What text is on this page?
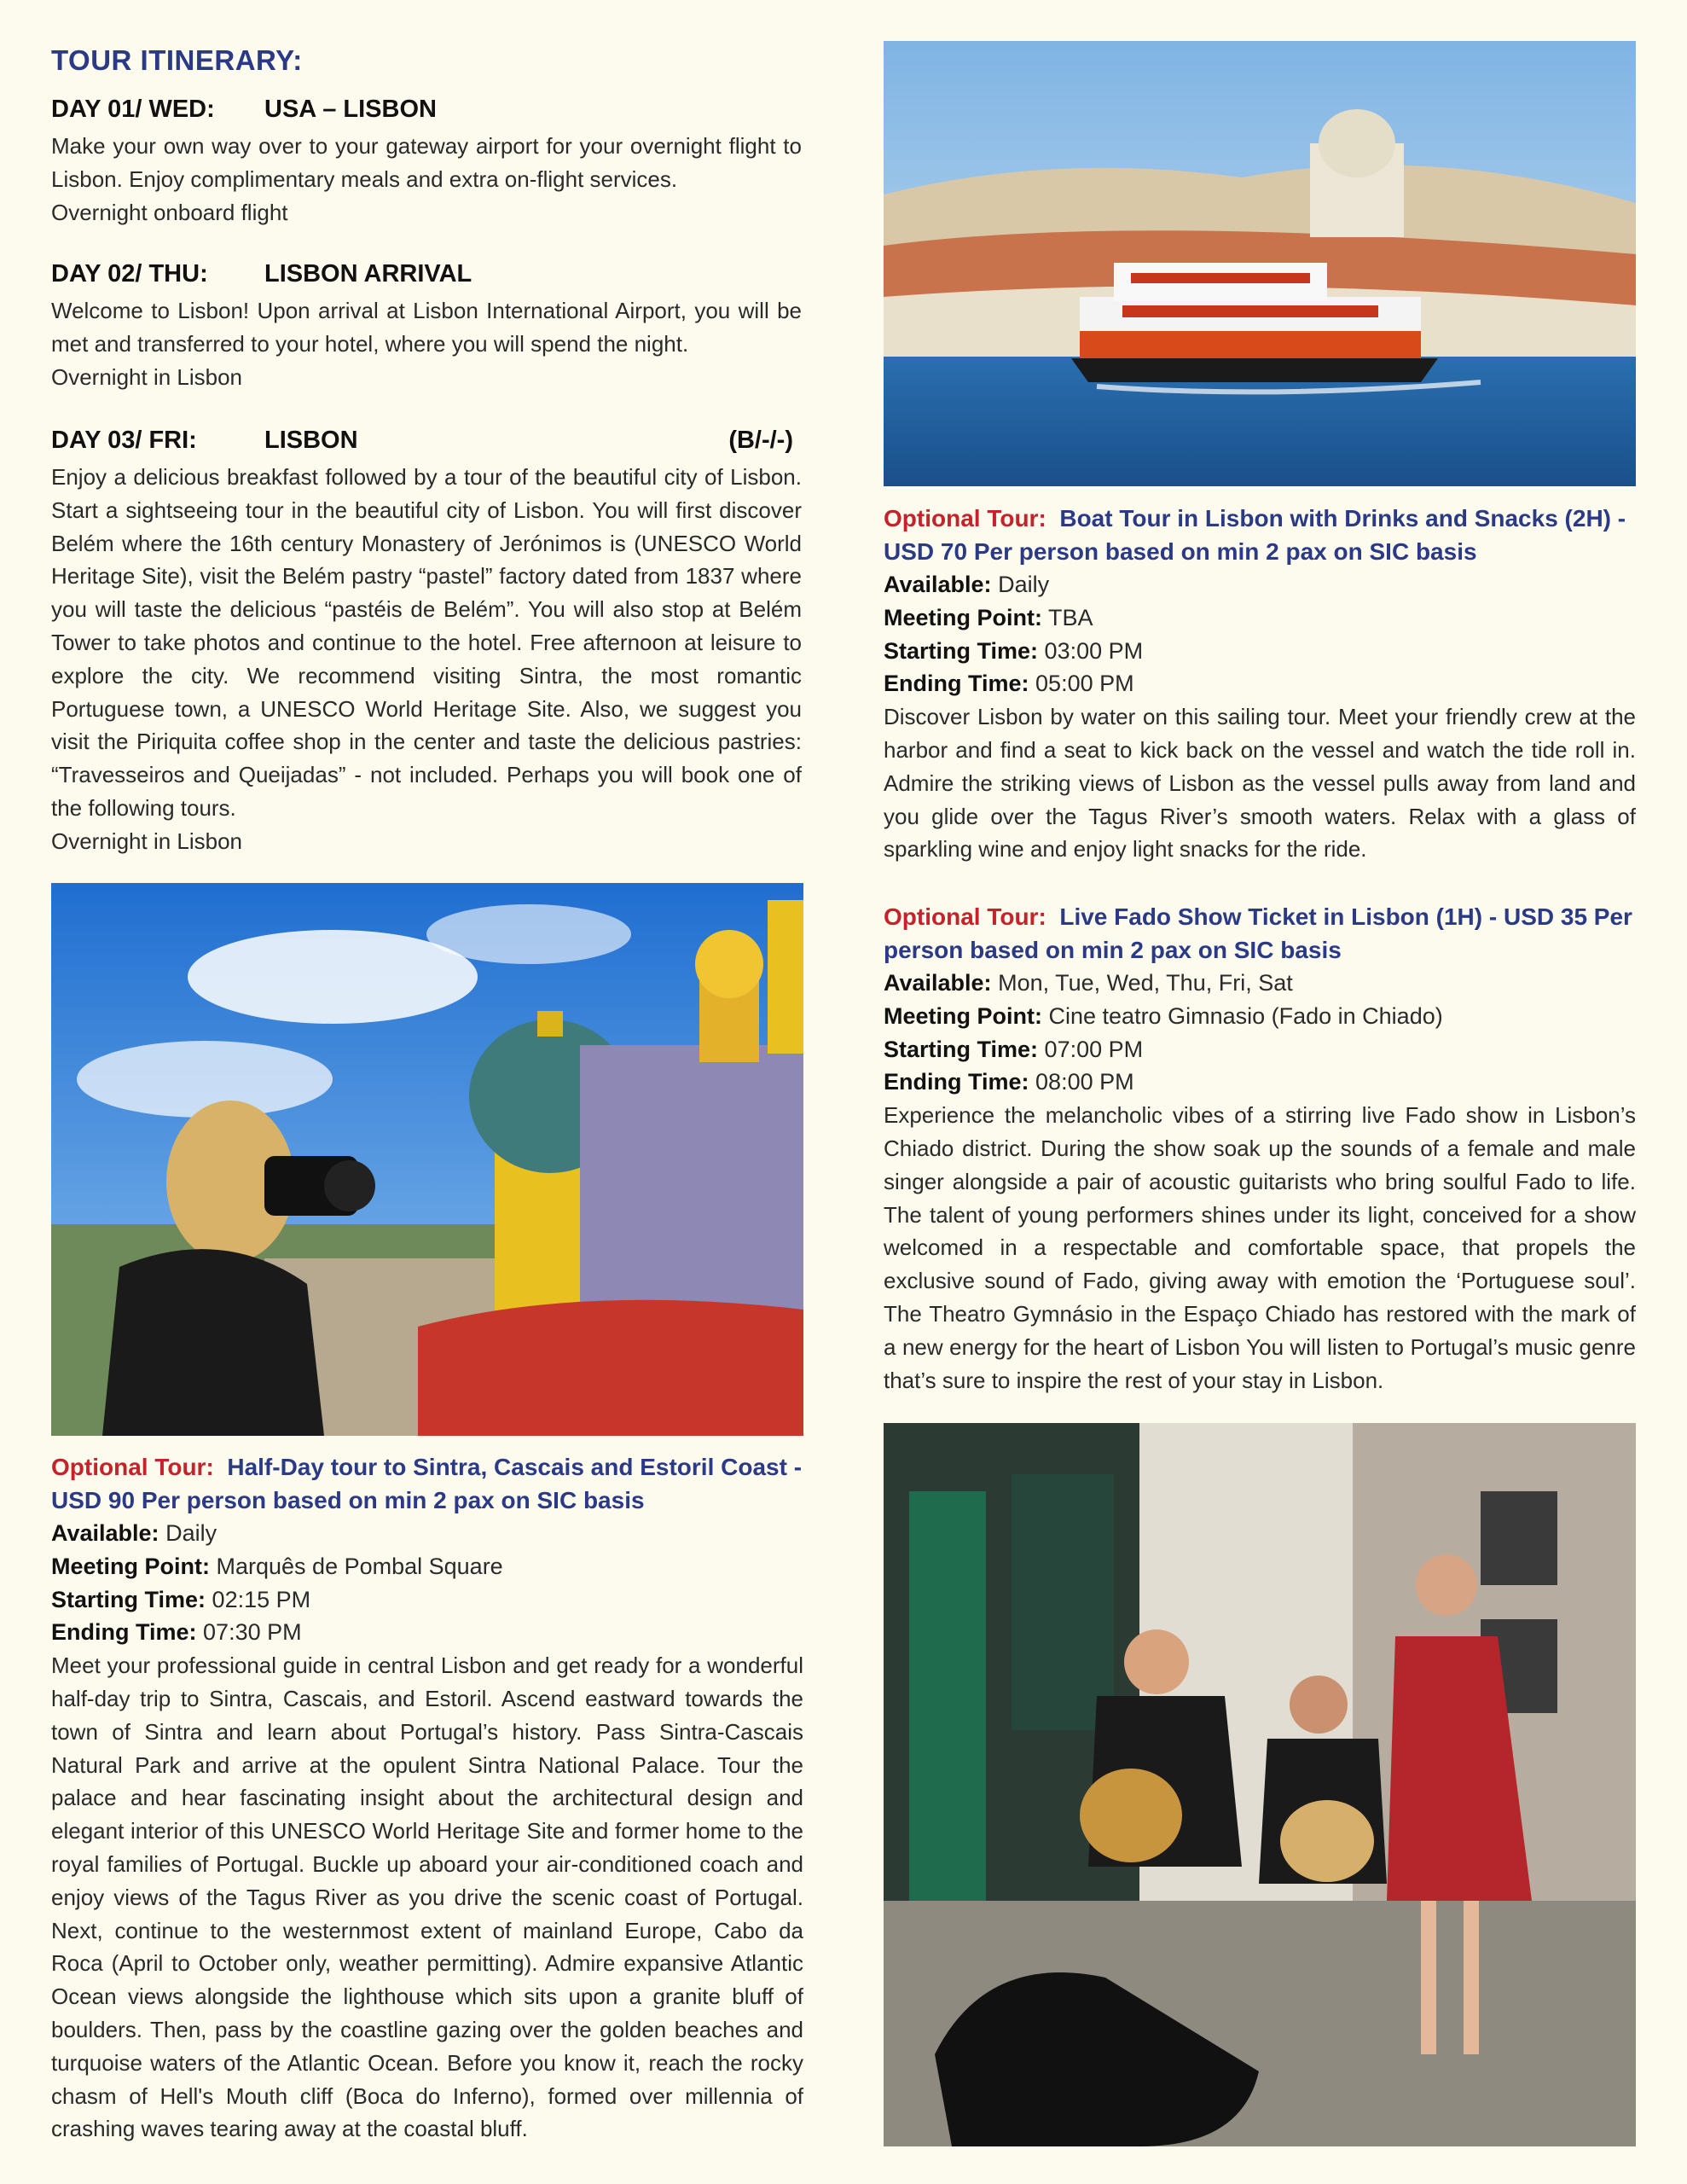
TOUR ITINERARY:
DAY 01/ WED: USA – LISBON

Make your own way over to your gateway airport for your overnight flight to Lisbon. Enjoy complimentary meals and extra on-flight services.

Overnight onboard flight
DAY 02/ THU: LISBON ARRIVAL

Welcome to Lisbon! Upon arrival at Lisbon International Airport, you will be met and transferred to your hotel, where you will spend the night.

Overnight in Lisbon
DAY 03/ FRI:	LISBON	(B/-/-)

Enjoy a delicious breakfast followed by a tour of the beautiful city of Lisbon. Start a sightseeing tour in the beautiful city of Lisbon. You will first discover Belém where the 16th century Monastery of Jerónimos is (UNESCO World Heritage Site), visit the Belém pastry “pastel” factory dated from 1837 where you will taste the delicious “pastéis de Belém”. You will also stop at Belém Tower to take photos and continue to the hotel. Free afternoon at leisure to explore the city. We recommend visiting Sintra, the most romantic Portuguese town, a UNESCO World Heritage Site. Also, we suggest you visit the Piriquita coffee shop in the center and taste the delicious pastries: “Travesseiros and Queijadas” - not included. Perhaps you will book one of the following tours.

Overnight in Lisbon
Optional Tour: Half-Day tour to Sintra, Cascais and Estoril Coast - USD 90 Per person based on min 2 pax on SIC basis
Available: Daily
Meeting Point: Marquês de Pombal Square
Starting Time: 02:15 PM
Ending Time: 07:30 PM

Meet your professional guide in central Lisbon and get ready for a wonderful half-day trip to Sintra, Cascais, and Estoril. Ascend eastward towards the town of Sintra and learn about Portugal’s history. Pass Sintra-Cascais Natural Park and arrive at the opulent Sintra National Palace. Tour the palace and hear fascinating insight about the architectural design and elegant interior of this UNESCO World Heritage Site and former home to the royal families of Portugal. Buckle up aboard your air-conditioned coach and enjoy views of the Tagus River as you drive the scenic coast of Portugal. Next, continue to the westernmost extent of mainland Europe, Cabo da Roca (April to October only, weather permitting). Admire expansive Atlantic Ocean views alongside the lighthouse which sits upon a granite bluff of boulders. Then, pass by the coastline gazing over the golden beaches and turquoise waters of the Atlantic Ocean. Before you know it, reach the rocky chasm of Hell's Mouth cliff (Boca do Inferno), formed over millennia of crashing waves tearing away at the coastal bluff.

Optional Tour: Boat Tour in Lisbon with Drinks and Snacks (2H) - USD 70 Per person based on min 2 pax on SIC basis
Available: Daily
Meeting Point: TBA
Starting Time: 03:00 PM
Ending Time: 05:00 PM

Discover Lisbon by water on this sailing tour. Meet your friendly crew at the harbor and find a seat to kick back on the vessel and watch the tide roll in. Admire the striking views of Lisbon as the vessel pulls away from land and you glide over the Tagus River’s smooth waters. Relax with a glass of sparkling wine and enjoy light snacks for the ride.

Optional Tour: Live Fado Show Ticket in Lisbon (1H) - USD 35 Per person based on min 2 pax on SIC basis
Available: Mon, Tue, Wed, Thu, Fri, Sat
Meeting Point: Cine teatro Gimnasio (Fado in Chiado)
Starting Time: 07:00 PM
Ending Time: 08:00 PM

Experience the melancholic vibes of a stirring live Fado show in Lisbon’s Chiado district. During the show soak up the sounds of a female and male singer alongside a pair of acoustic guitarists who bring soulful Fado to life. The talent of young performers shines under its light, conceived for a show welcomed in a respectable and comfortable space, that propels the exclusive sound of Fado, giving away with emotion the ‘Portuguese soul’. The Theatro Gymnásio in the Espaço Chiado has restored with the mark of a new energy for the heart of Lisbon You will listen to Portugal’s music genre that’s sure to inspire the rest of your stay in Lisbon.
